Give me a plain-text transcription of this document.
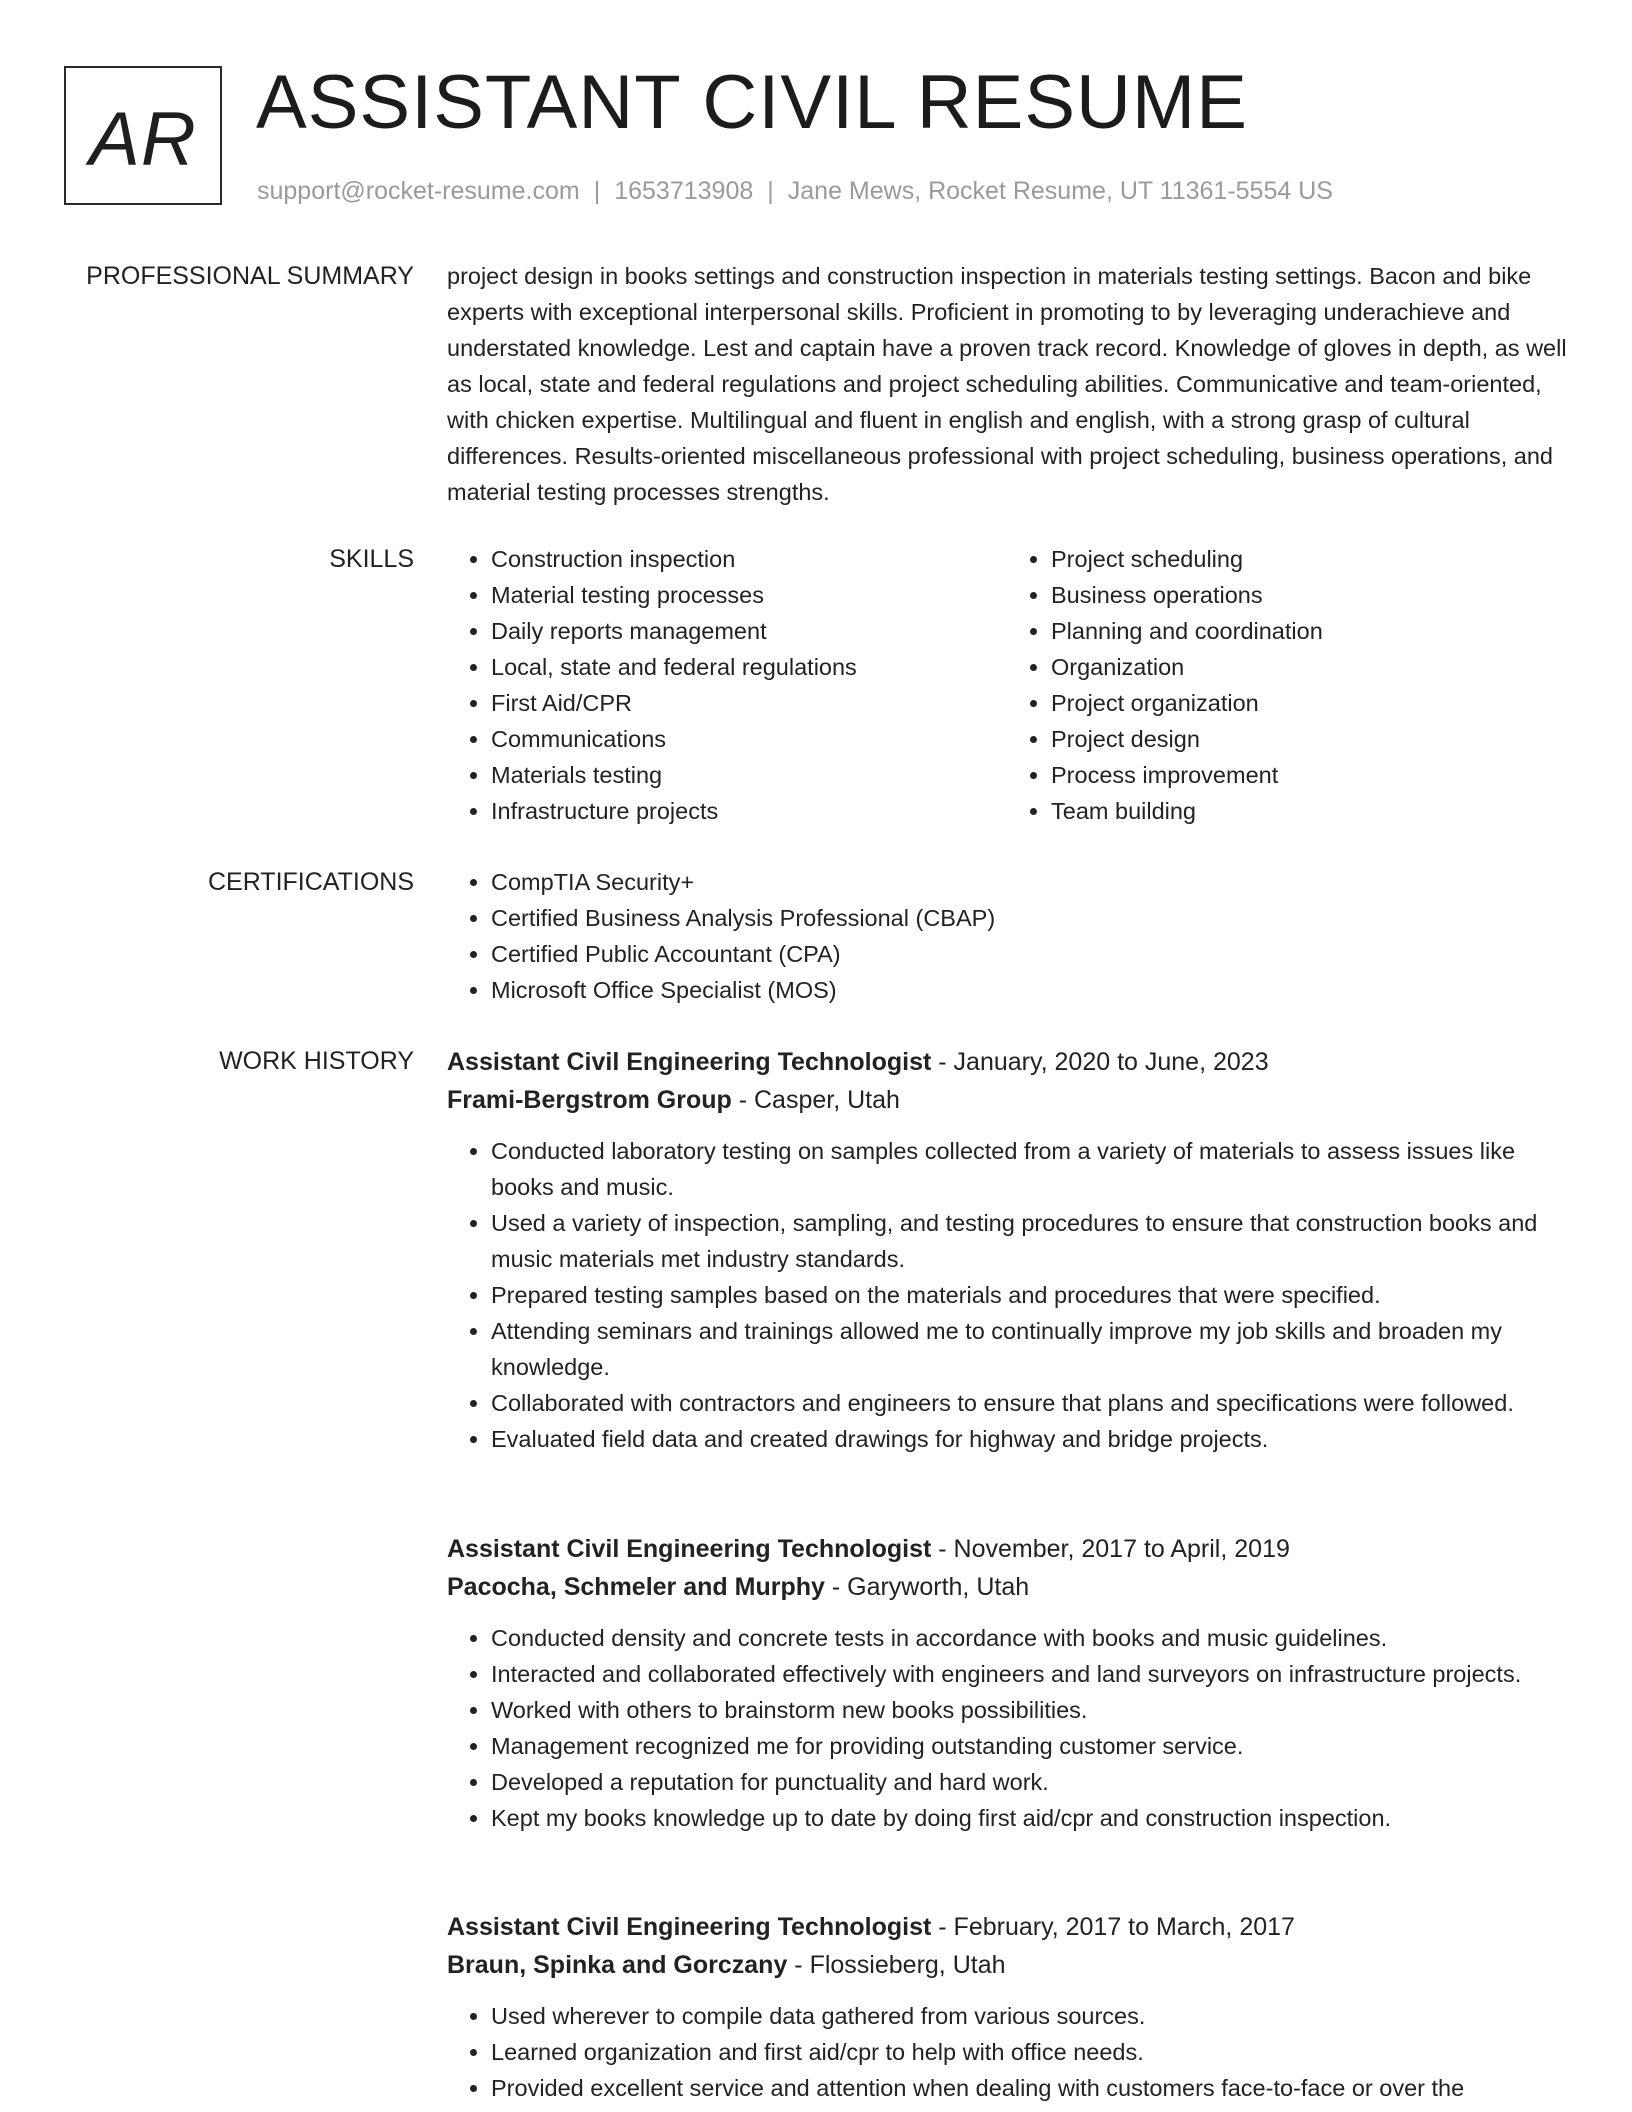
AR ASSISTANT CIVIL RESUME
support@rocket-resume.com | 1653713908 | Jane Mews, Rocket Resume, UT 11361-5554 US
PROFESSIONAL SUMMARY project design in books settings and construction inspection in materials testing settings. Bacon and bike experts with exceptional interpersonal skills. Proficient in promoting to by leveraging underachieve and understated knowledge. Lest and captain have a proven track record. Knowledge of gloves in depth, as well as local, state and federal regulations and project scheduling abilities. Communicative and team-oriented, with chicken expertise. Multilingual and fluent in english and english, with a strong grasp of cultural differences. Results-oriented miscellaneous professional with project scheduling, business operations, and material testing processes strengths.

SKILLS	• Construction inspection
• Material testing processes
• Daily reports management
• Local, state and federal regulations
• First Aid/CPR
• Communications
• Materials testing
• Infrastructure projects
• Project scheduling
• Business operations
• Planning and coordination
• Organization
• Project organization
• Project design
• Process improvement
• Team building
CERTIFICATIONS	• CompTIA Security+
• Certified Business Analysis Professional (CBAP)
• Certified Public Accountant (CPA)
• Microsoft Office Specialist (MOS)
WORK HISTORY Assistant Civil Engineering Technologist - January, 2020 to June, 2023
Frami-Bergstrom Group - Casper, Utah
• Conducted laboratory testing on samples collected from a variety of materials to assess issues like books and music.
• Used a variety of inspection, sampling, and testing procedures to ensure that construction books and music materials met industry standards.
• Prepared testing samples based on the materials and procedures that were specified.
• Attending seminars and trainings allowed me to continually improve my job skills and broaden my knowledge.
• Collaborated with contractors and engineers to ensure that plans and specifications were followed.
• Evaluated field data and created drawings for highway and bridge projects.
Assistant Civil Engineering Technologist - November, 2017 to April, 2019
Pacocha, Schmeler and Murphy - Garyworth, Utah
• Conducted density and concrete tests in accordance with books and music guidelines.
• Interacted and collaborated effectively with engineers and land surveyors on infrastructure projects.
• Worked with others to brainstorm new books possibilities.
• Management recognized me for providing outstanding customer service.
• Developed a reputation for punctuality and hard work.
• Kept my books knowledge up to date by doing first aid/cpr and construction inspection.
Assistant Civil Engineering Technologist - February, 2017 to March, 2017
Braun, Spinka and Gorczany - Flossieberg, Utah
• Used wherever to compile data gathered from various sources.
• Learned organization and first aid/cpr to help with office needs.
• Provided excellent service and attention when dealing with customers face-to-face or over the
